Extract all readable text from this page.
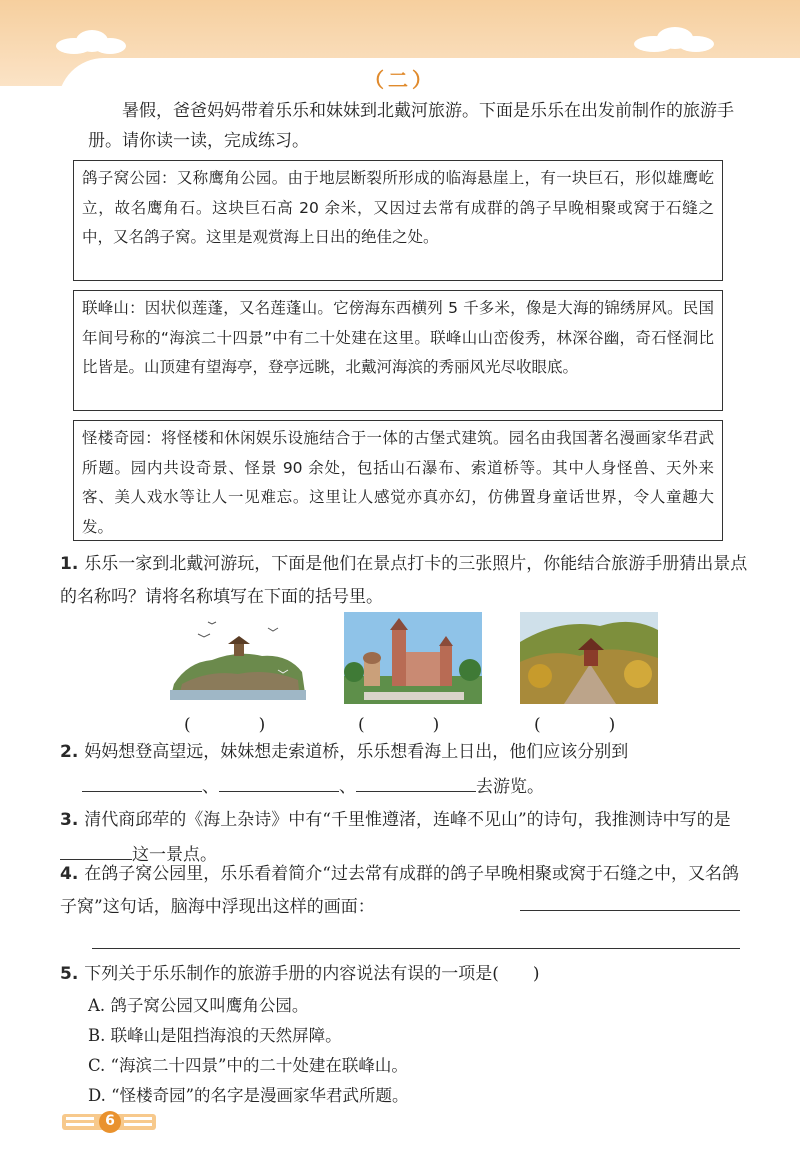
（二）

暑假，爸爸妈妈带着乐乐和妹妹到北戴河旅游。下面是乐乐在出发前制作的旅游手册。请你读一读，完成练习。

鸽子窝公园：又称鹰角公园。由于地层断裂所形成的临海悬崖上，有一块巨石，形似雄鹰屹立，故名鹰角石。这块巨石高 20 余米，又因过去常有成群的鸽子早晚相聚或窝于石缝之中，又名鸽子窝。这里是观赏海上日出的绝佳之处。
联峰山：因状似莲蓬，又名莲蓬山。它傍海东西横列 5 千多米，像是大海的锦绣屏风。民国年间号称的“海滨二十四景”中有二十处建在这里。联峰山山峦俊秀，林深谷幽，奇石怪洞比比皆是。山顶建有望海亭，登亭远眺，北戴河海滨的秀丽风光尽收眼底。
怪楼奇园：将怪楼和休闲娱乐设施结合于一体的古堡式建筑。园名由我国著名漫画家华君武所题。园内共设奇景、怪景 90 余处，包括山石瀑布、索道桥等。其中人身怪兽、天外来客、美人戏水等让人一见难忘。这里让人感觉亦真亦幻，仿佛置身童话世界，令人童趣大发。
1. 乐乐一家到北戴河游玩，下面是他们在景点打卡的三张照片，你能结合旅游手册猜出景点的名称吗？请将名称填写在下面的括号里。
(　　　　)	(　　　　)	(　　　　)
2. 妈妈想登高望远，妹妹想走索道桥，乐乐想看海上日出，他们应该分别到
、	、	去游览。
3. 清代商邱荦的《海上杂诗》中有“千里惟遵渚，连峰不见山”的诗句，我推测诗中写的是这一景点。
4. 在鸽子窝公园里，乐乐看着简介“过去常有成群的鸽子早晚相聚或窝于石缝之中，又名鸽子窝”这句话，脑海中浮现出这样的画面：
5. 下列关于乐乐制作的旅游手册的内容说法有误的一项是(　　)
A. 鸽子窝公园又叫鹰角公园。
B. 联峰山是阻挡海浪的天然屏障。
C. “海滨二十四景”中的二十处建在联峰山。
D. “怪楼奇园”的名字是漫画家华君武所题。
6
